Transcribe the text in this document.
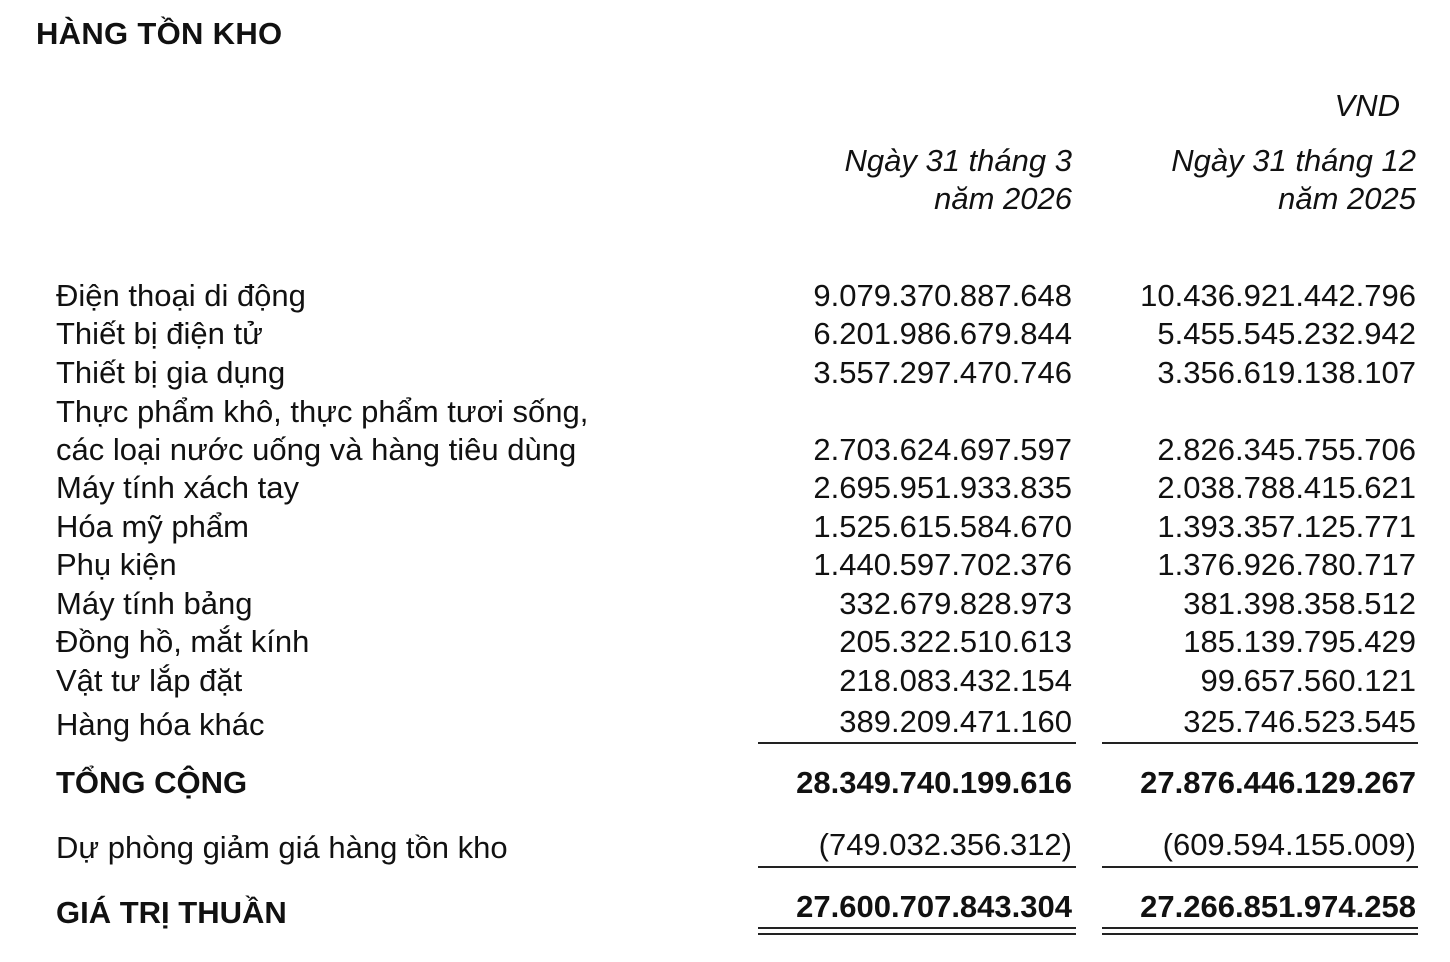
HÀNG TỒN KHO
VND
Ngày 31 tháng 3
năm 2026
Ngày 31 tháng 12
năm 2025
Điện thoại di động	9.079.370.887.648 10.436.921.442.796
Thiết bị điện tử	6.201.986.679.844	5.455.545.232.942
Thiết bị gia dụng	3.557.297.470.746	3.356.619.138.107
Thực phẩm khô, thực phẩm tươi sống,
các loại nước uống và hàng tiêu dùng	2.703.624.697.597	2.826.345.755.706
Máy tính xách tay	2.695.951.933.835	2.038.788.415.621
Hóa mỹ phẩm	1.525.615.584.670	1.393.357.125.771
Phụ kiện	1.440.597.702.376	1.376.926.780.717
Máy tính bảng	332.679.828.973	381.398.358.512
Đồng hồ, mắt kính	205.322.510.613	185.139.795.429
Vật tư lắp đặt	218.083.432.154	99.657.560.121
Hàng hóa khác	389.209.471.160	325.746.523.545
TỔNG CỘNG	28.349.740.199.616 27.876.446.129.267
Dự phòng giảm giá hàng tồn kho	(749.032.356.312)	(609.594.155.009)
GIÁ TRỊ THUẦN	27.600.707.843.304 27.266.851.974.258
